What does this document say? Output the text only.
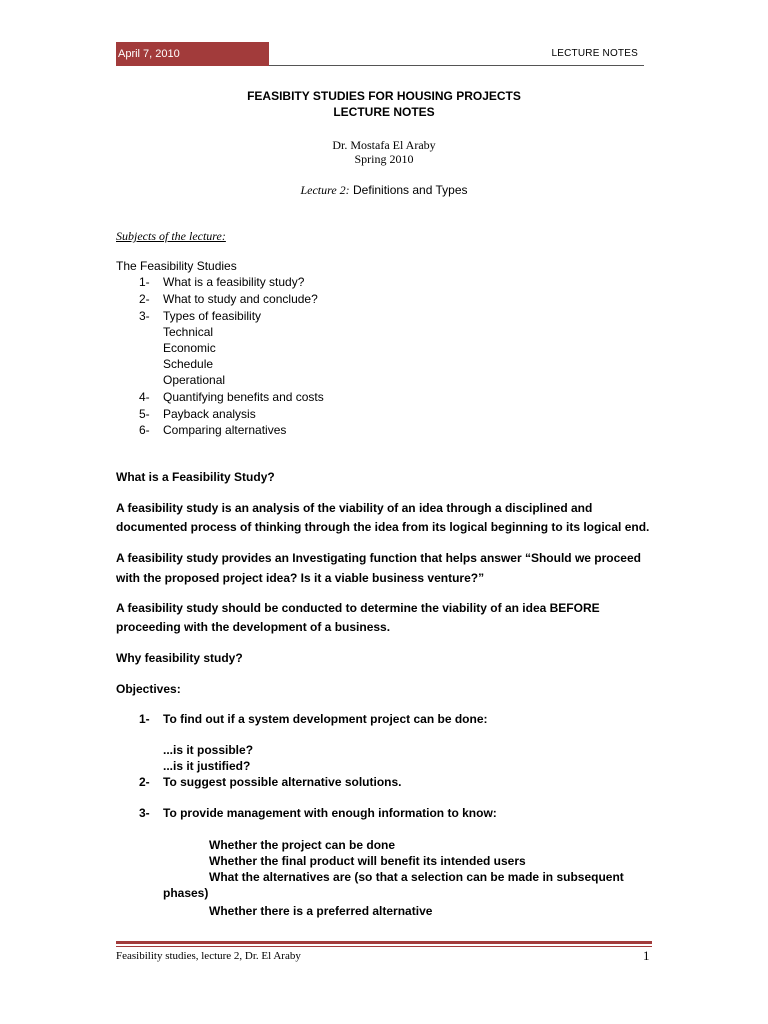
April 7, 2010	LECTURE NOTES
FEASIBITY STUDIES FOR HOUSING PROJECTS
LECTURE NOTES
Dr. Mostafa El Araby
Spring 2010
Lecture 2: Definitions and Types
Subjects of the lecture:
The Feasibility Studies
1- What is a feasibility study?
2- What to study and conclude?
3- Types of feasibility
Technical
Economic
Schedule
Operational
4- Quantifying benefits and costs
5- Payback analysis
6- Comparing alternatives
What is a Feasibility Study?
A feasibility study is an analysis of the viability of an idea through a disciplined and
documented process of thinking through the idea from its logical beginning to its logical end.
A feasibility study provides an Investigating function that helps answer “Should we proceed
with the proposed project idea? Is it a viable business venture?”
A feasibility study should be conducted to determine the viability of an idea BEFORE
proceeding with the development of a business.
Why feasibility study?
Objectives:
1- To find out if a system development project can be done:
...is it possible?
...is it justified?
2- To suggest possible alternative solutions.
3- To provide management with enough information to know:
Whether the project can be done
Whether the final product will benefit its intended users
What the alternatives are (so that a selection can be made in subsequent
phases)
Whether there is a preferred alternative
Feasibility studies, lecture 2, Dr. El Araby	1
